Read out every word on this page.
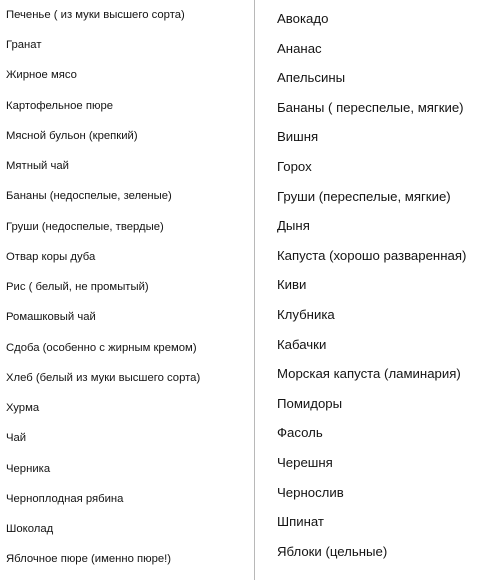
Печенье ( из муки высшего сорта)
Гранат
Жирное мясо
Картофельное пюре
Мясной бульон (крепкий)
Мятный чай
Бананы (недоспелые, зеленые)
Груши (недоспелые, твердые)
Отвар коры дуба
Рис ( белый, не промытый)
Ромашковый чай
Сдоба (особенно с жирным кремом)
Хлеб (белый из муки высшего сорта)
Хурма
Чай
Черника
Черноплодная рябина
Шоколад
Яблочное пюре (именно пюре!)
Авокадо
Ананас
Апельсины
Бананы ( переспелые, мягкие)
Вишня
Горох
Груши (переспелые, мягкие)
Дыня
Капуста (хорошо разваренная)
Киви
Клубника
Кабачки
Морская капуста (ламинария)
Помидоры
Фасоль
Черешня
Чернослив
Шпинат
Яблоки (цельные)
